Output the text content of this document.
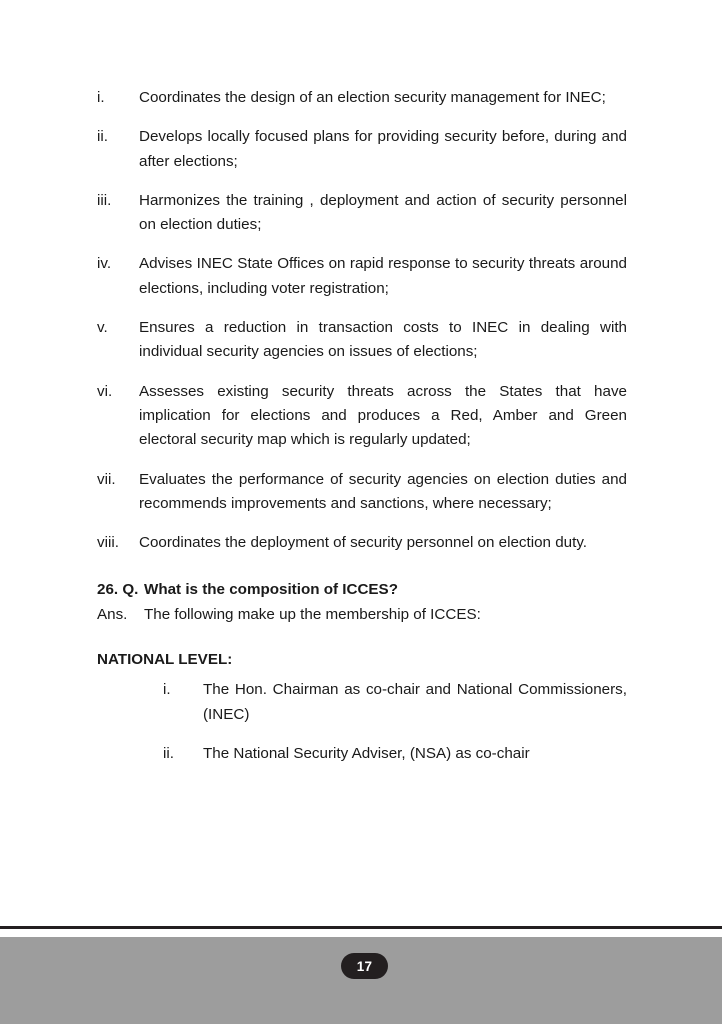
i.	Coordinates the design of an election security management for INEC;
ii.	Develops locally focused plans for providing security before, during and after elections;
iii.	Harmonizes the training , deployment and action of security personnel on election duties;
iv.	Advises INEC State Offices on rapid response to security threats around elections, including voter registration;
v.	Ensures a reduction in transaction costs to INEC in dealing with individual security agencies on issues of elections;
vi.	Assesses existing security threats across the States that have implication for elections and produces a Red, Amber and Green electoral security map which is regularly updated;
vii.	Evaluates the performance of security agencies on election duties and recommends improvements and sanctions, where necessary;
viii.	Coordinates the deployment of security personnel on election duty.
26. Q. What is the composition of ICCES?
Ans.	The following make up the membership of ICCES:
NATIONAL LEVEL:
i.	The Hon. Chairman as co-chair and National Commissioners, (INEC)
ii.	The National Security Adviser, (NSA) as co-chair
17
